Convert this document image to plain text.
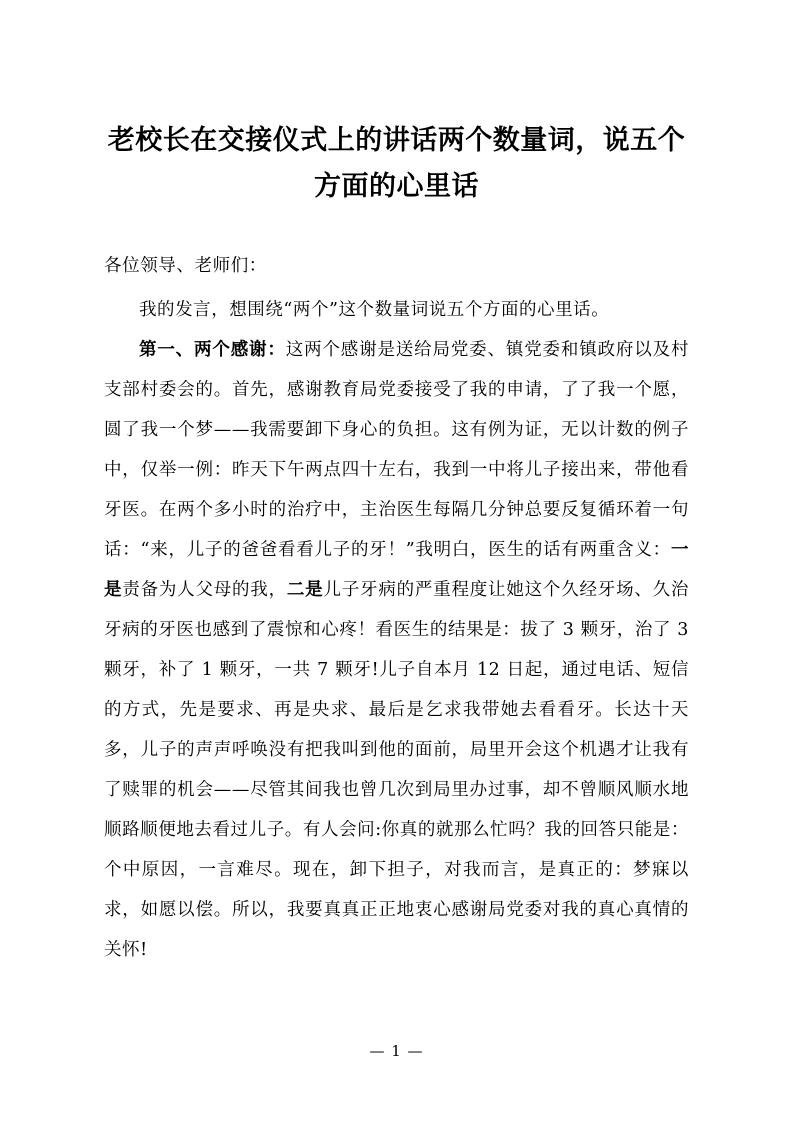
老校长在交接仪式上的讲话两个数量词，说五个方面的心里话

各位领导、老师们：

我的发言，想围绕“两个”这个数量词说五个方面的心里话。

第一、两个感谢：这两个感谢是送给局党委、镇党委和镇政府以及村支部村委会的。首先，感谢教育局党委接受了我的申请，了了我一个愿，圆了我一个梦——我需要卸下身心的负担。这有例为证，无以计数的例子中，仅举一例：昨天下午两点四十左右，我到一中将儿子接出来，带他看牙医。在两个多小时的治疗中，主治医生每隔几分钟总要反复循环着一句话：“来，儿子的爸爸看看儿子的牙！”我明白，医生的话有两重含义：一是责备为人父母的我，二是儿子牙病的严重程度让她这个久经牙场、久治牙病的牙医也感到了震惊和心疼！看医生的结果是：拔了 3 颗牙，治了 3 颗牙，补了 1 颗牙，一共 7 颗牙!儿子自本月 12 日起，通过电话、短信的方式，先是要求、再是央求、最后是乞求我带她去看看牙。长达十天多，儿子的声声呼唤没有把我叫到他的面前，局里开会这个机遇才让我有了赎罪的机会——尽管其间我也曾几次到局里办过事，却不曾顺风顺水地顺路顺便地去看过儿子。有人会问:你真的就那么忙吗？我的回答只能是：个中原因，一言难尽。现在，卸下担子，对我而言，是真正的：梦寐以求，如愿以偿。所以，我要真真正正地衷心感谢局党委对我的真心真情的关怀!

— 1 —
